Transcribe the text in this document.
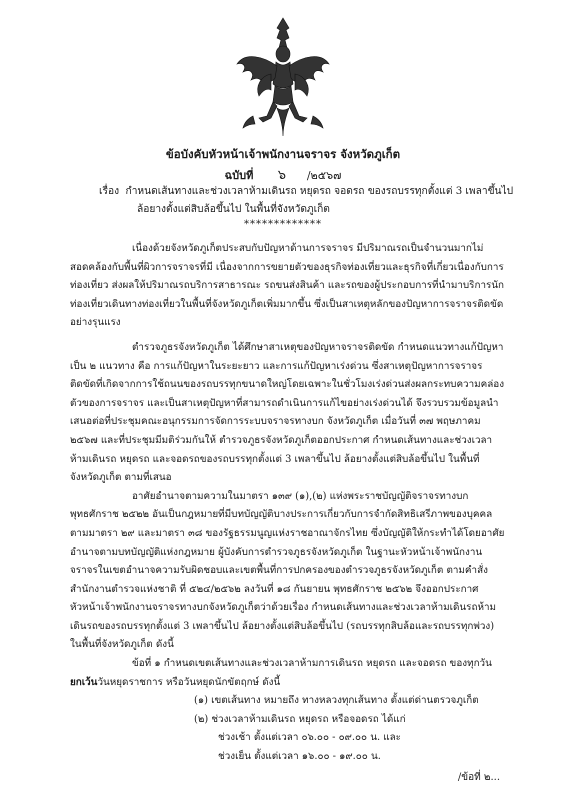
ข้อบังคับหัวหน้าเจ้าพนักงานจราจร จังหวัดภูเก็ต
ฉบับที่ ๖ /๒๕๖๗
เรื่อง กำหนดเส้นทางและช่วงเวลาห้ามเดินรถ หยุดรถ จอดรถ ของรถบรรทุกตั้งแต่ 3 เพลาขึ้นไป
ล้อยางตั้งแต่สิบล้อขึ้นไป ในพื้นที่จังหวัดภูเก็ต
*************

เนื่องด้วยจังหวัดภูเก็ตประสบกับปัญหาด้านการจราจร มีปริมาณรถเป็นจำนวนมากไม่สอดคล้องกับพื้นที่ผิวการจราจรที่มี เนื่องจากการขยายตัวของธุรกิจท่องเที่ยวและธุรกิจที่เกี่ยวเนื่องกับการท่องเที่ยว ส่งผลให้ปริมาณรถบริการสาธารณะ รถขนส่งสินค้า และรถของผู้ประกอบการที่นำมาบริการนักท่องเที่ยวเดินทางท่องเที่ยวในพื้นที่จังหวัดภูเก็ตเพิ่มมากขึ้น ซึ่งเป็นสาเหตุหลักของปัญหาการจราจรติดขัดอย่างรุนแรง

ตำรวจภูธรจังหวัดภูเก็ต ได้ศึกษาสาเหตุของปัญหาจราจรติดขัด กำหนดแนวทางแก้ปัญหาเป็น ๒ แนวทาง คือ การแก้ปัญหาในระยะยาว และการแก้ปัญหาเร่งด่วน ซึ่งสาเหตุปัญหาการจราจรติดขัดที่เกิดจากการใช้ถนนของรถบรรทุกขนาดใหญ่โดยเฉพาะในชั่วโมงเร่งด่วนส่งผลกระทบความคล่องตัวของการจราจร และเป็นสาเหตุปัญหาที่สามารถดำเนินการแก้ไขอย่างเร่งด่วนได้ จึงรวบรวมข้อมูลนำเสนอต่อที่ประชุมคณะอนุกรรมการจัดการระบบจราจรทางบก จังหวัดภูเก็ต เมื่อวันที่ ๓๗ พฤษภาคม ๒๕๖๗ และที่ประชุมมีมติร่วมกันให้ ตำรวจภูธรจังหวัดภูเก็ตออกประกาศ กำหนดเส้นทางและช่วงเวลาห้ามเดินรถ หยุดรถ และจอดรถของรถบรรทุกตั้งแต่ 3 เพลาขึ้นไป ล้อยางตั้งแต่สิบล้อขึ้นไป ในพื้นที่จังหวัดภูเก็ต ตามที่เสนอ

อาศัยอำนาจตามความในมาตรา ๑๓๙ (๑),(๒) แห่งพระราชบัญญัติจราจรทางบก พุทธศักราช ๒๕๒๒ อันเป็นกฎหมายที่มีบทบัญญัติบางประการเกี่ยวกับการจำกัดสิทธิเสรีภาพของบุคคลตามมาตรา ๒๙ และมาตรา ๓๘ ของรัฐธรรมนูญแห่งราชอาณาจักรไทย ซึ่งบัญญัติให้กระทำได้โดยอาศัยอำนาจตามบทบัญญัติแห่งกฎหมาย ผู้บังคับการตำรวจภูธรจังหวัดภูเก็ต ในฐานะหัวหน้าเจ้าพนักงานจราจรในเขตอำนาจความรับผิดชอบและเขตพื้นที่การปกครองของตำรวจภูธรจังหวัดภูเก็ต ตามคำสั่งสำนักงานตำรวจแห่งชาติ ที่ ๕๒๔/๒๕๖๒ ลงวันที่ ๑๘ กันยายน พุทธศักราช ๒๕๖๒ จึงออกประกาศหัวหน้าเจ้าพนักงานจราจรทางบกจังหวัดภูเก็ตว่าด้วยเรื่อง กำหนดเส้นทางและช่วงเวลาห้ามเดินรถห้ามเดินรถของรถบรรทุกตั้งแต่ 3 เพลาขึ้นไป ล้อยางตั้งแต่สิบล้อขึ้นไป (รถบรรทุกสิบล้อและรถบรรทุกพ่วง) ในพื้นที่จังหวัดภูเก็ต ดังนี้

ข้อที่ ๑ กำหนดเขตเส้นทางและช่วงเวลาห้ามการเดินรถ หยุดรถ และจอดรถ ของทุกวัน ยกเว้นวันหยุดราชการ หรือวันหยุดนักขัตฤกษ์ ดังนี้

(๑) เขตเส้นทาง หมายถึง ทางหลวงทุกเส้นทาง ตั้งแต่ด่านตรวจภูเก็ต

(๒) ช่วงเวลาห้ามเดินรถ หยุดรถ หรือจอดรถ ได้แก่

ช่วงเช้า ตั้งแต่เวลา ๐๖.๐๐ - ๐๙.๐๐ น. และ

ช่วงเย็น ตั้งแต่เวลา ๑๖.๐๐ - ๑๙.๐๐ น.

/ข้อที่ ๒...
